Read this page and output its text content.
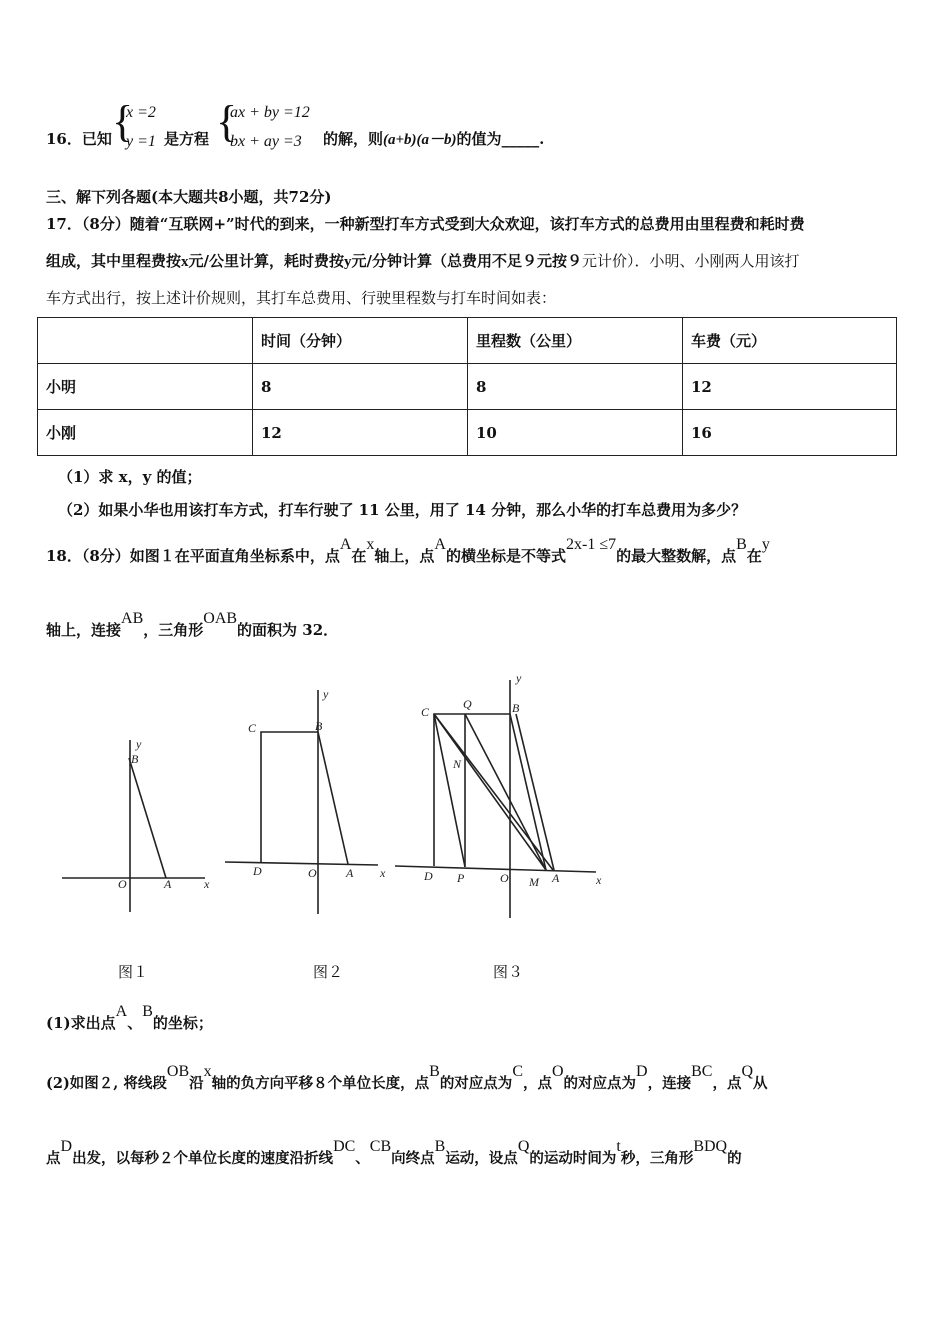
16．已知 {
x =2
y =1 是方程 {
ax + by =12
bx + ay =3 的解，则(a+b)(a－b)的值为_____.
三、解下列各题(本大题共8小题，共72分)
17．（8分）随着“互联网+”时代的到来，一种新型打车方式受到大众欢迎，该打车方式的总费用由里程费和耗时费
组成，其中里程费按x元/公里计算，耗时费按y元/分钟计算（总费用不足９元按９元计价）．小明、小刚两人用该打
车方式出行，按上述计价规则，其打车总费用、行驶里程数与打车时间如表：
	时间（分钟）	里程数（公里）	车费（元）
小明	8	8	12
小刚	12	10	16
（1）求 x，y 的值；
（2）如果小华也用该打车方式，打车行驶了 11 公里，用了 14 分钟，那么小华的打车总费用为多少？
18．（8分）如图１在平面直角坐标系中，点A在x轴上，点A的横坐标是不等式2x-1 ≤7的最大整数解，点B在y
轴上，连接AB，三角形OAB的面积为 32．
y
B
O	A	x
y
C	B
D	O A x
y
C
Q	B
N
D P	O M A	x
图１	图２	图３
(1)求出点A、B的坐标；
(2)如图２, 将线段OB沿x轴的负方向平移８个单位长度，点B的对应点为C，点O的对应点为D，连接BC，点Q从
点D出发，以每秒２个单位长度的速度沿折线DC、CB向终点B运动，设点Q的运动时间为t秒，三角形BDQ的
